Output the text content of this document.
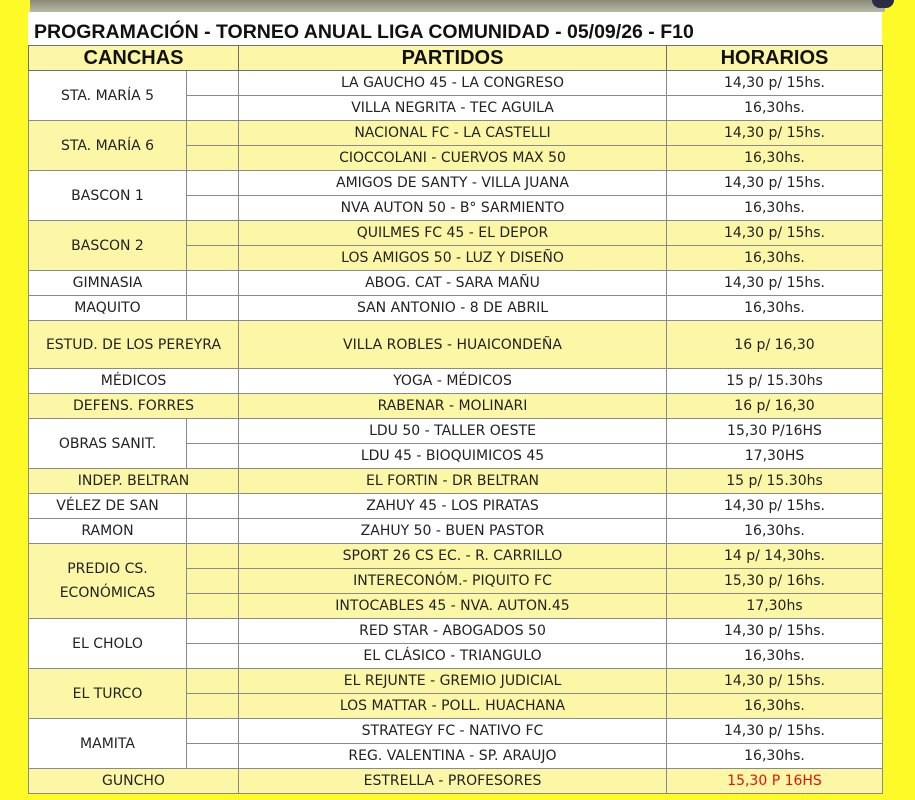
PROGRAMACIÓN - TORNEO ANUAL LIGA COMUNIDAD - 05/09/26 - F10
CANCHAS		PARTIDOS	HORARIOS
STA. MARÍA 5		LA GAUCHO 45 - LA CONGRESO	14,30 p/ 15hs.
		VILLA NEGRITA - TEC AGUILA	16,30hs.
STA. MARÍA 6		NACIONAL FC - LA CASTELLI	14,30 p/ 15hs.
		CIOCCOLANI - CUERVOS MAX 50	16,30hs.
BASCON 1		AMIGOS DE SANTY - VILLA JUANA	14,30 p/ 15hs.
		NVA AUTON 50 - B° SARMIENTO	16,30hs.
BASCON 2		QUILMES FC 45 - EL DEPOR	14,30 p/ 15hs.
		LOS AMIGOS 50 - LUZ Y DISEÑO	16,30hs.
GIMNASIA		ABOG. CAT - SARA MAÑU	14,30 p/ 15hs.
MAQUITO		SAN ANTONIO - 8 DE ABRIL	16,30hs.
ESTUD. DE LOS PEREYRA		VILLA ROBLES - HUAICONDEÑA	16 p/ 16,30
MÉDICOS		YOGA - MÉDICOS	15 p/ 15.30hs
DEFENS. FORRES		RABENAR - MOLINARI	16 p/ 16,30
OBRAS SANIT.		LDU 50 - TALLER OESTE	15,30 P/16HS
		LDU 45 - BIOQUIMICOS 45	17,30HS
INDEP. BELTRAN		EL FORTIN - DR BELTRAN	15 p/ 15.30hs
VÉLEZ DE SAN		ZAHUY 45 - LOS PIRATAS	14,30 p/ 15hs.
RAMON		ZAHUY 50 - BUEN PASTOR	16,30hs.
PREDIO CS. ECONÓMICAS		SPORT 26 CS EC. - R. CARRILLO	14 p/ 14,30hs.
		INTERECONÓM.- PIQUITO FC	15,30 p/ 16hs.
		INTOCABLES 45 - NVA. AUTON.45	17,30hs
EL CHOLO		RED STAR - ABOGADOS 50	14,30 p/ 15hs.
		EL CLÁSICO - TRIANGULO	16,30hs.
EL TURCO		EL REJUNTE - GREMIO JUDICIAL	14,30 p/ 15hs.
		LOS MATTAR - POLL. HUACHANA	16,30hs.
MAMITA		STRATEGY FC - NATIVO FC	14,30 p/ 15hs.
		REG. VALENTINA - SP. ARAUJO	16,30hs.
GUNCHO		ESTRELLA - PROFESORES	15,30 P 16HS
